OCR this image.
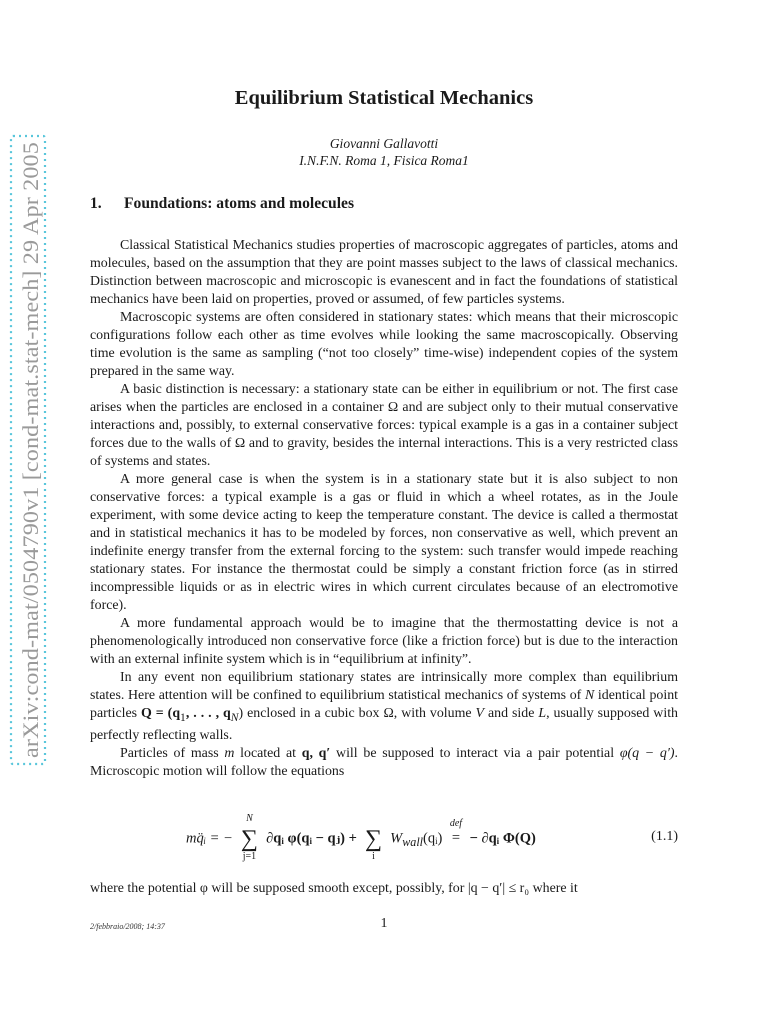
arXiv:cond-mat/0504790v1 [cond-mat.stat-mech] 29 Apr 2005
Equilibrium Statistical Mechanics
Giovanni Gallavotti
I.N.F.N. Roma 1, Fisica Roma1
1. Foundations: atoms and molecules

Classical Statistical Mechanics studies properties of macroscopic aggregates of particles, atoms and molecules, based on the assumption that they are point masses subject to the laws of classical mechanics. Distinction between macroscopic and microscopic is evanescent and in fact the foundations of statistical mechanics have been laid on properties, proved or assumed, of few particles systems.

Macroscopic systems are often considered in stationary states: which means that their microscopic configurations follow each other as time evolves while looking the same macroscopically. Observing time evolution is the same as sampling (“not too closely” time-wise) independent copies of the system prepared in the same way.

A basic distinction is necessary: a stationary state can be either in equilibrium or not. The first case arises when the particles are enclosed in a container Ω and are subject only to their mutual conservative interactions and, possibly, to external conservative forces: typical example is a gas in a container subject forces due to the walls of Ω and to gravity, besides the internal interactions. This is a very restricted class of systems and states.

A more general case is when the system is in a stationary state but it is also subject to non conservative forces: a typical example is a gas or fluid in which a wheel rotates, as in the Joule experiment, with some device acting to keep the temperature constant. The device is called a thermostat and in statistical mechanics it has to be modeled by forces, non conservative as well, which prevent an indefinite energy transfer from the external forcing to the system: such transfer would impede reaching stationary states. For instance the thermostat could be simply a constant friction force (as in stirred incompressible liquids or as in electric wires in which current circulates because of an electromotive force).

A more fundamental approach would be to imagine that the thermostatting device is not a phenomenologically introduced non conservative force (like a friction force) but is due to the interaction with an external infinite system which is in “equilibrium at infinity”.

In any event non equilibrium stationary states are intrinsically more complex than equilibrium states. Here attention will be confined to equilibrium statistical mechanics of systems of N identical point particles $Q = (q_1$, . . . , $q_N$) enclosed in a cubic box Ω, with volume V and side L, usually supposed with perfectly reflecting walls.

Particles of mass m located at q, q′ will be supposed to interact via a pair potential φ(q − q′). Microscopic motion will follow the equations

mq̈ᵢ = −
N
∑
j=1
∂qᵢ φ(qᵢ − qⱼ) + ∑
i
$W_{wall}(qᵢ)$
def
= − ∂qᵢ Φ(Q)	(1.1)
where the potential φ will be supposed smooth except, possibly, for |q − q′| ≤ r₀ where it
2/febbraio/2008; 14:37	1
